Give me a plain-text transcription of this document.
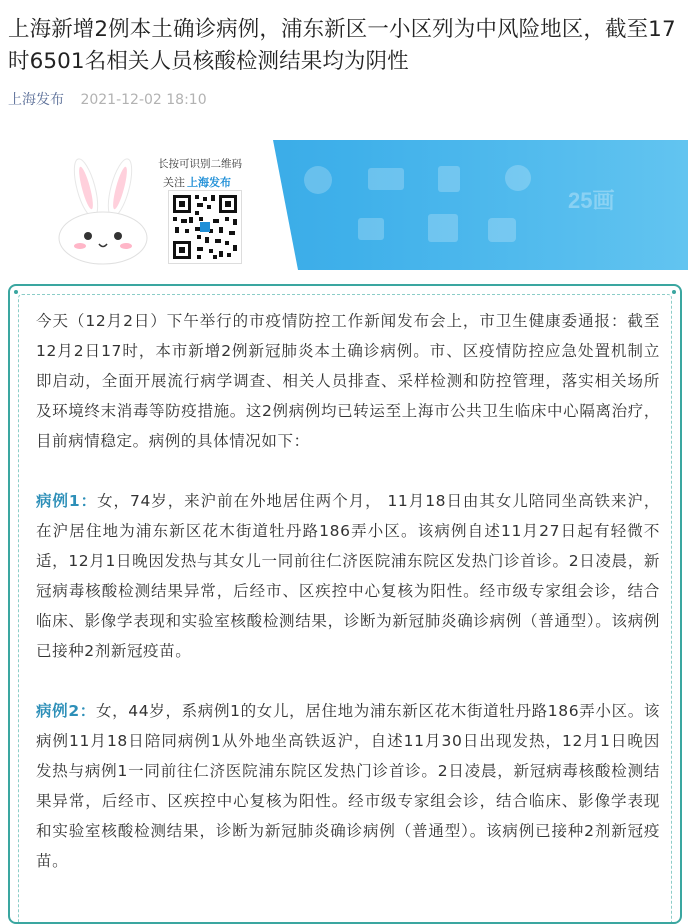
上海新增2例本土确诊病例，浦东新区一小区列为中风险地区，截至17时6501名相关人员核酸检测结果均为阴性
上海发布 2021-12-02 18:10
25画
长按可识别二维码
关注 上海发布

今天（12月2日）下午举行的市疫情防控工作新闻发布会上，市卫生健康委通报：截至12月2日17时，本市新增2例新冠肺炎本土确诊病例。市、区疫情防控应急处置机制立即启动，全面开展流行病学调查、相关人员排查、采样检测和防控管理，落实相关场所及环境终末消毒等防疫措施。这2例病例均已转运至上海市公共卫生临床中心隔离治疗，目前病情稳定。病例的具体情况如下：

病例1：女，74岁，来沪前在外地居住两个月， 11月18日由其女儿陪同坐高铁来沪，在沪居住地为浦东新区花木街道牡丹路186弄小区。该病例自述11月27日起有轻微不适，12月1日晚因发热与其女儿一同前往仁济医院浦东院区发热门诊首诊。2日凌晨，新冠病毒核酸检测结果异常，后经市、区疾控中心复核为阳性。经市级专家组会诊，结合临床、影像学表现和实验室核酸检测结果，诊断为新冠肺炎确诊病例（普通型）。该病例已接种2剂新冠疫苗。

病例2：女，44岁，系病例1的女儿，居住地为浦东新区花木街道牡丹路186弄小区。该病例11月18日陪同病例1从外地坐高铁返沪，自述11月30日出现发热，12月1日晚因发热与病例1一同前往仁济医院浦东院区发热门诊首诊。2日凌晨，新冠病毒核酸检测结果异常，后经市、区疾控中心复核为阳性。经市级专家组会诊，结合临床、影像学表现和实验室核酸检测结果，诊断为新冠肺炎确诊病例（普通型）。该病例已接种2剂新冠疫苗。
